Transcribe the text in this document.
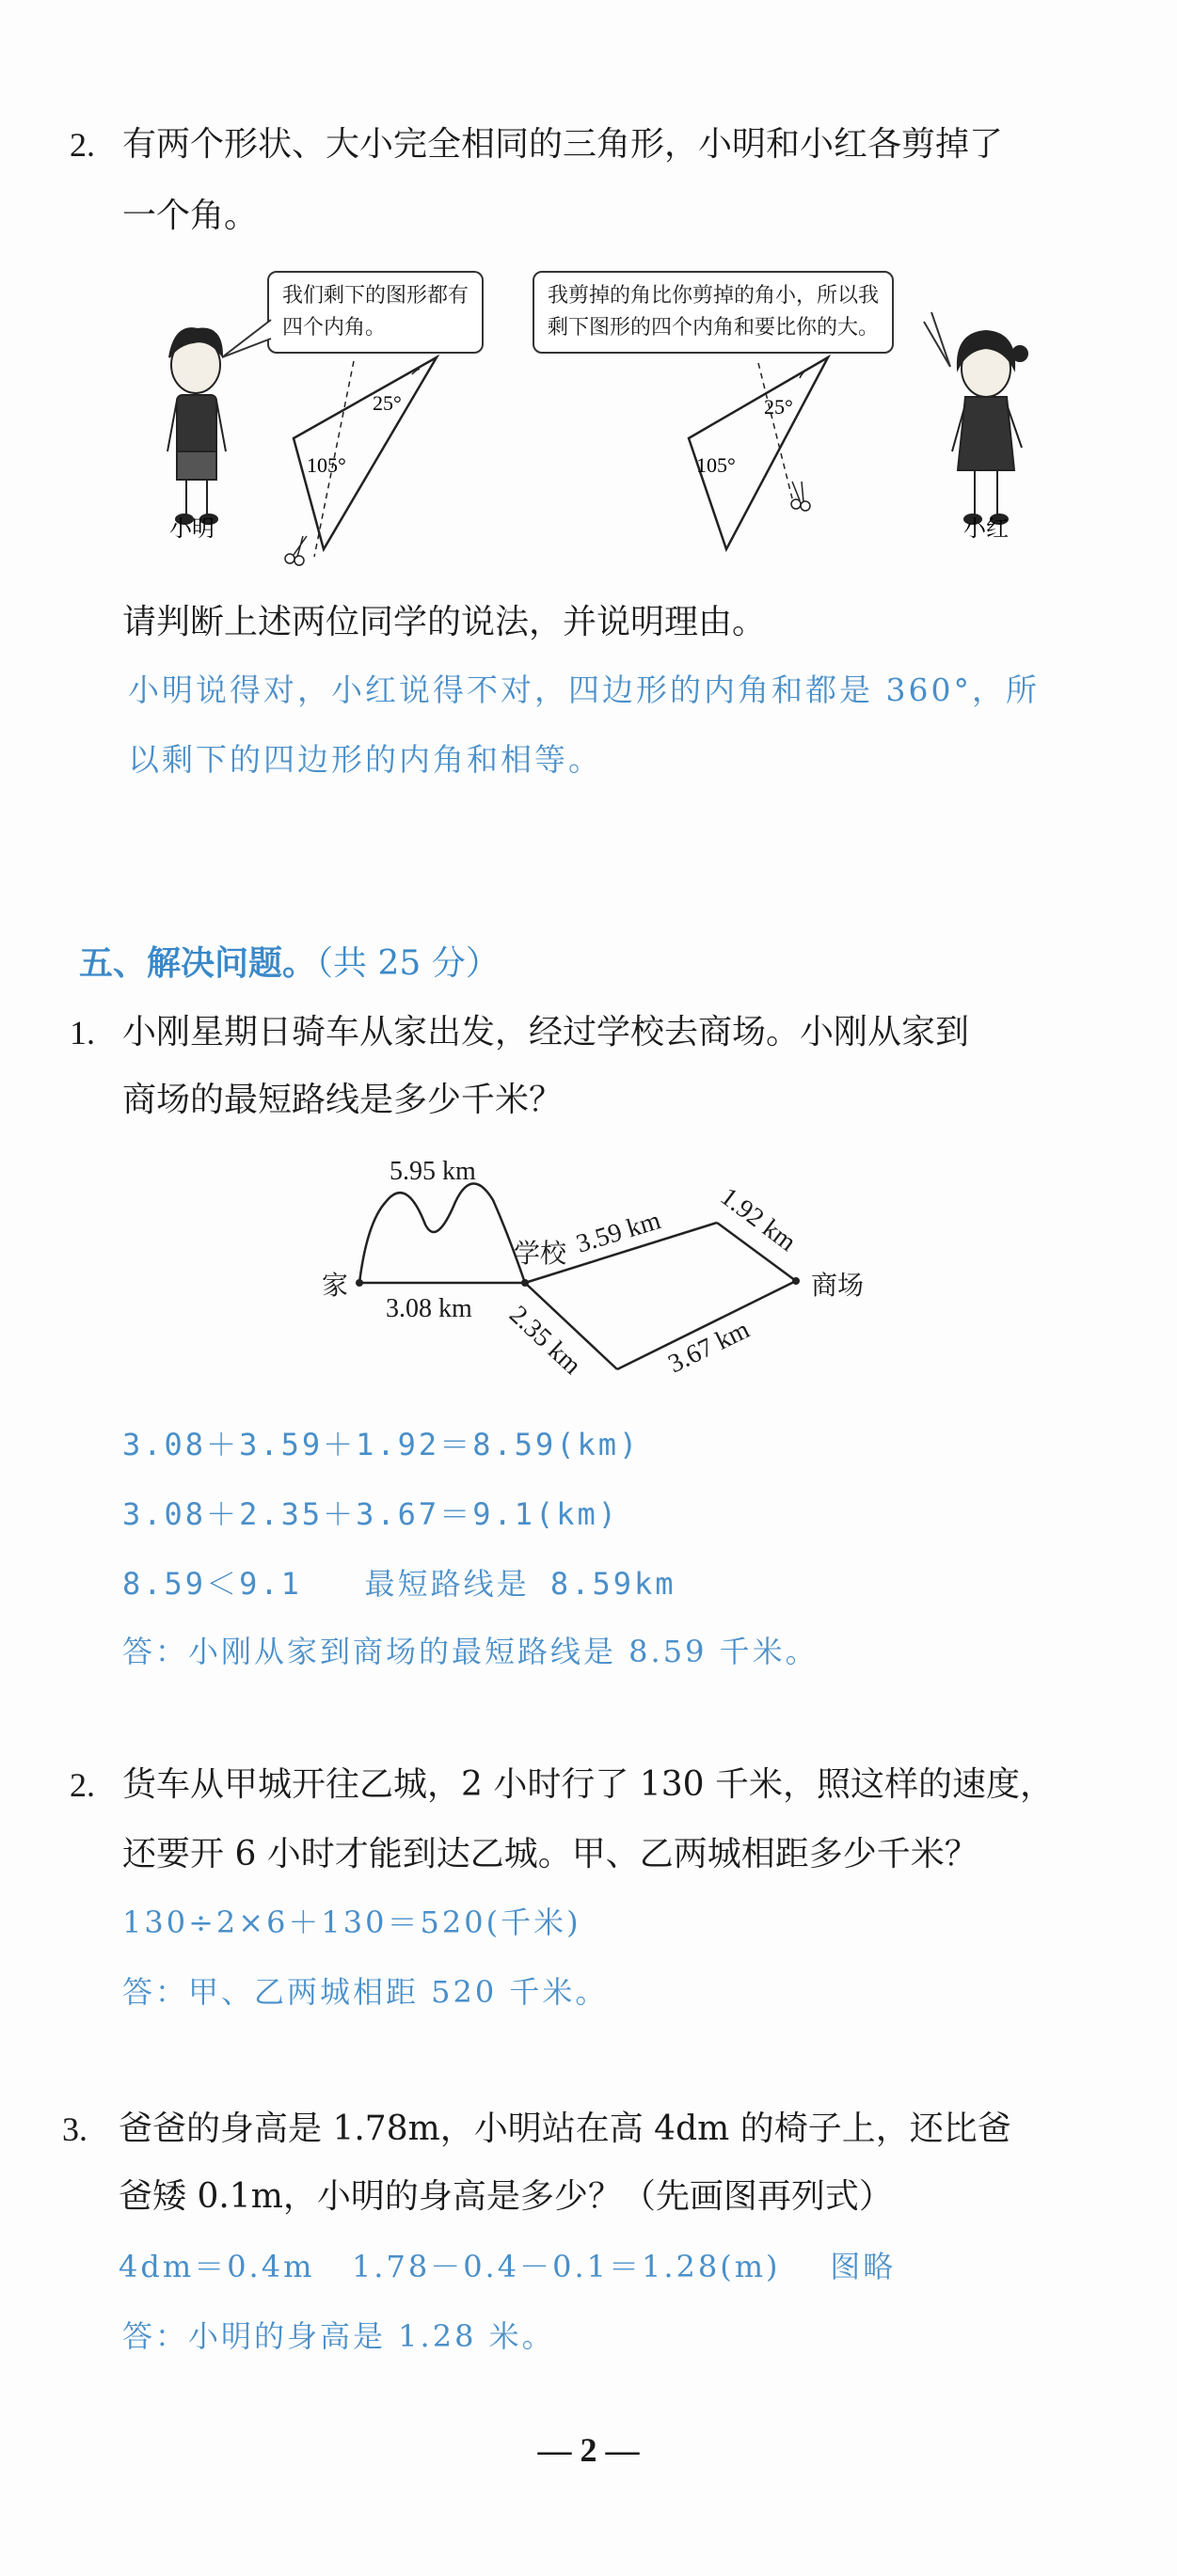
2. 有两个形状、大小完全相同的三角形，小明和小红各剪掉了
一个角。
我们剩下的图形都有
四个内角。
我剪掉的角比你剪掉的角小，所以我
剩下图形的四个内角和要比你的大。
25°
105°
25°
105°
小明	小红
请判断上述两位同学的说法，并说明理由。
小明说得对，小红说得不对，四边形的内角和都是 360°，所
以剩下的四边形的内角和相等。
五、解决问题。（共 25 分）
1. 小刚星期日骑车从家出发，经过学校去商场。小刚从家到
商场的最短路线是多少千米？
5.95 km
3.08 km
3.59 km 1.92 km
2.35 km	3.67 km
家
学校
商场
3.08＋3.59＋1.92＝8.59(km)
3.08＋2.35＋3.67＝9.1(km)
8.59＜9.1   最短路线是 8.59km
答：小刚从家到商场的最短路线是 8.59 千米。
2. 货车从甲城开往乙城，2 小时行了 130 千米，照这样的速度，
还要开 6 小时才能到达乙城。甲、乙两城相距多少千米？
130÷2×6＋130＝520(千米)
答：甲、乙两城相距 520 千米。
3. 爸爸的身高是 1.78m，小明站在高 4dm 的椅子上，还比爸
爸矮 0.1m，小明的身高是多少？（先画图再列式）
4dm＝0.4m   1.78－0.4－0.1＝1.28(m)    图略
答：小明的身高是 1.28 米。
— 2 —
